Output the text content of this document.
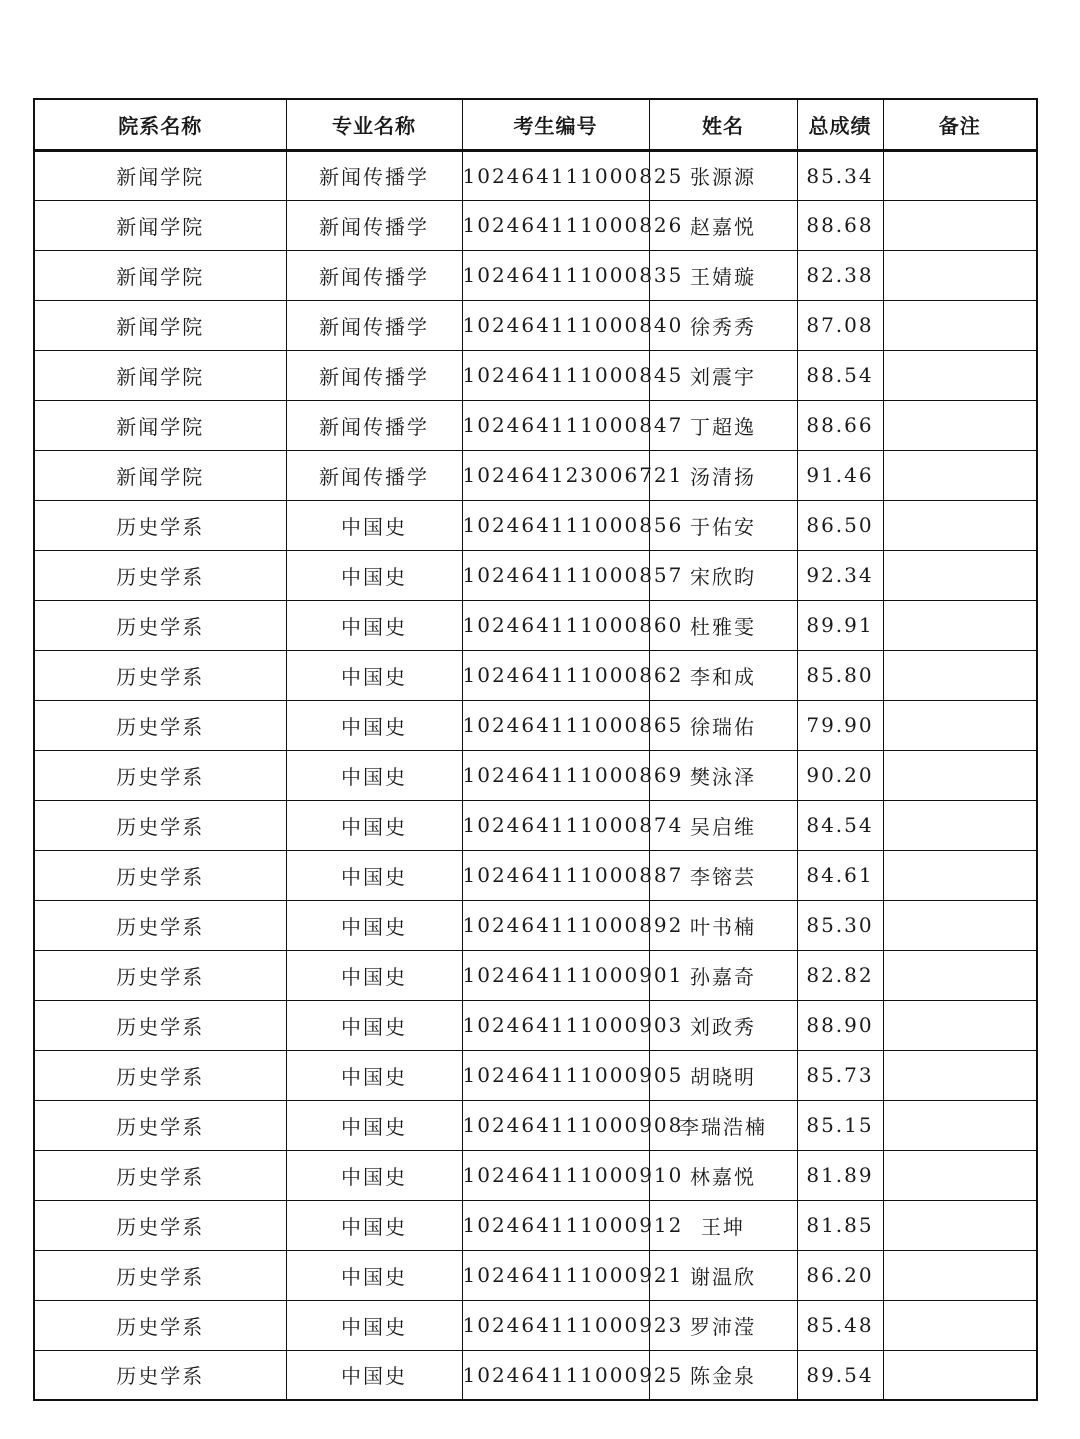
院系名称	专业名称	考生编号	姓名	总成绩	备注
新闻学院	新闻传播学	102464111000825	张源源	85.34	
新闻学院	新闻传播学	102464111000826	赵嘉悦	88.68	
新闻学院	新闻传播学	102464111000835	王婧璇	82.38	
新闻学院	新闻传播学	102464111000840	徐秀秀	87.08	
新闻学院	新闻传播学	102464111000845	刘震宇	88.54	
新闻学院	新闻传播学	102464111000847	丁超逸	88.66	
新闻学院	新闻传播学	102464123006721	汤清扬	91.46	
历史学系	中国史	102464111000856	于佑安	86.50	
历史学系	中国史	102464111000857	宋欣昀	92.34	
历史学系	中国史	102464111000860	杜雅雯	89.91	
历史学系	中国史	102464111000862	李和成	85.80	
历史学系	中国史	102464111000865	徐瑞佑	79.90	
历史学系	中国史	102464111000869	樊泳泽	90.20	
历史学系	中国史	102464111000874	吴启维	84.54	
历史学系	中国史	102464111000887	李镕芸	84.61	
历史学系	中国史	102464111000892	叶书楠	85.30	
历史学系	中国史	102464111000901	孙嘉奇	82.82	
历史学系	中国史	102464111000903	刘政秀	88.90	
历史学系	中国史	102464111000905	胡晓明	85.73	
历史学系	中国史	102464111000908	李瑞浩楠	85.15	
历史学系	中国史	102464111000910	林嘉悦	81.89	
历史学系	中国史	102464111000912	王坤	81.85	
历史学系	中国史	102464111000921	谢温欣	86.20	
历史学系	中国史	102464111000923	罗沛滢	85.48	
历史学系	中国史	102464111000925	陈金泉	89.54	
